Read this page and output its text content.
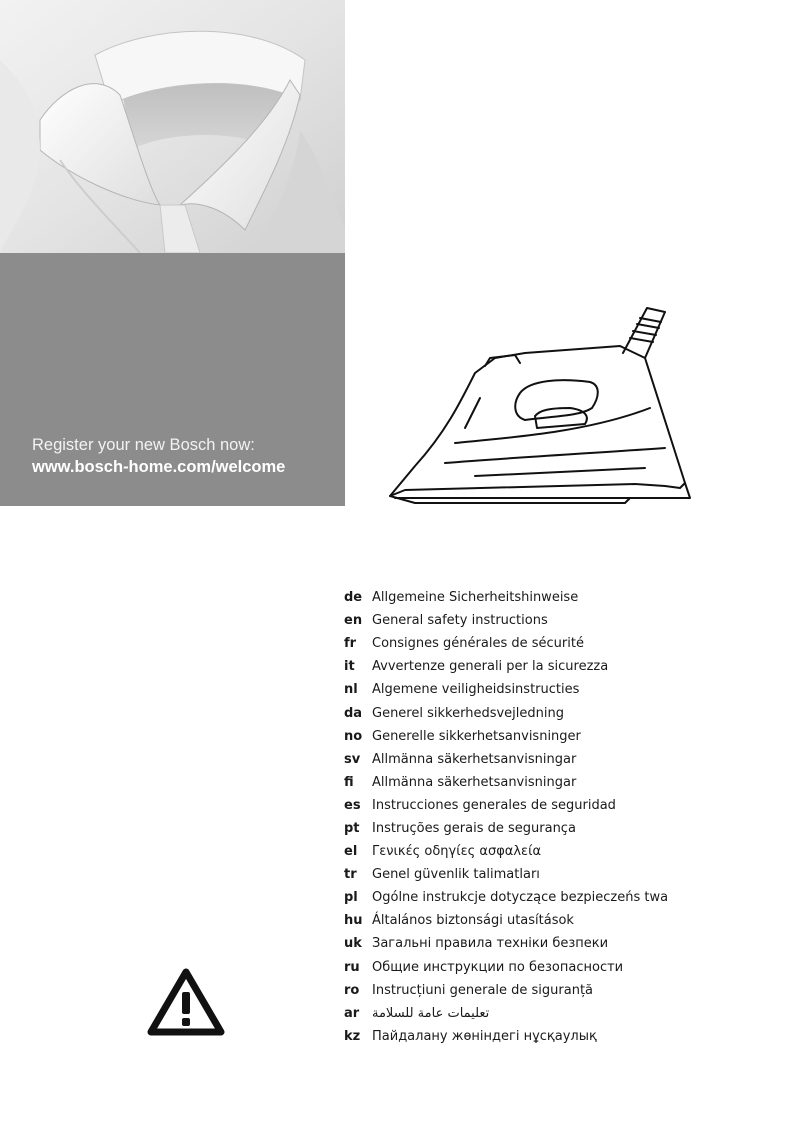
Register your new Bosch now:
www.bosch-home.com/welcome
de Allgemeine Sicherheitshinweise
en General safety instructions
fr	Consignes générales de sécurité
it	Avvertenze generali per la sicurezza
nl	Algemene veiligheidsinstructies
da Generel sikkerhedsvejledning
no Generelle sikkerhetsanvisninger
sv Allmänna säkerhetsanvisningar
fi	Allmänna säkerhetsanvisningar
es Instrucciones generales de seguridad
pt Instruções gerais de segurança
el	Γενικές οδηγίες ασφαλεία
tr	Genel güvenlik talimatları
pl	Ogólne instrukcje dotyczące bezpieczeńs twa
hu Általános biztonsági utasítások
uk Загальні правила техніки безпеки
ru Общие инструкции по безопасности
ro Instrucțiuni generale de siguranță
ar تعليمات عامة للسلامة
kz Пайдалану жөніндегі нұсқаулық
